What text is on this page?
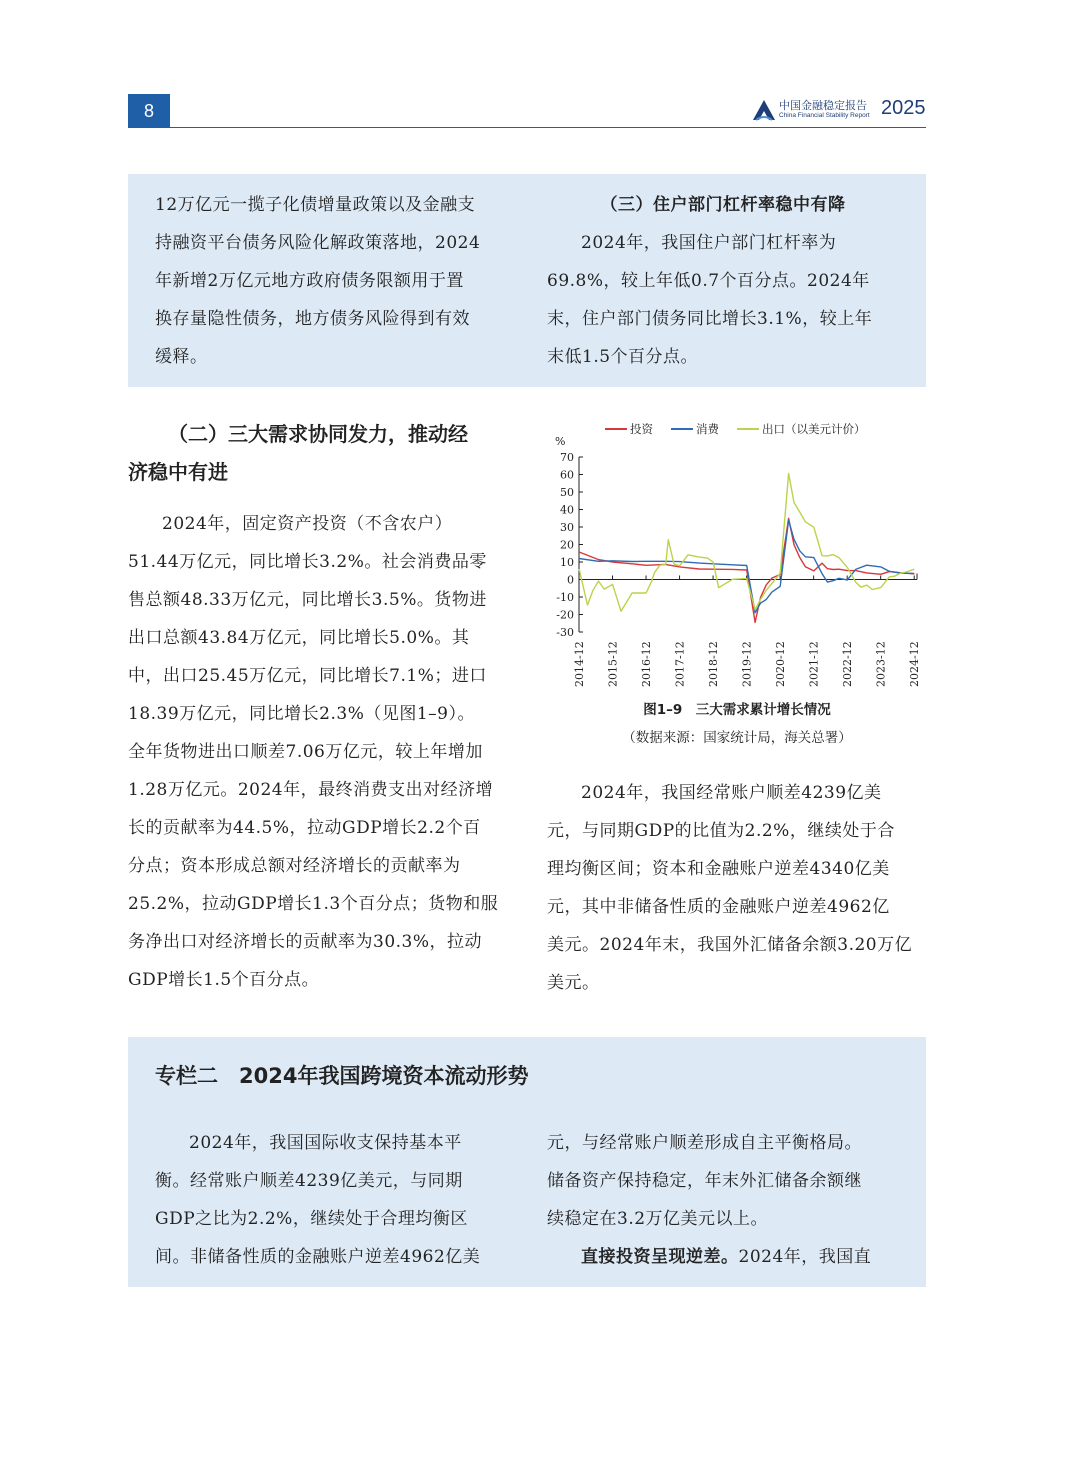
8	中国金融稳定报告
China Financial Stability Report 2025

12万亿元一揽子化债增量政策以及金融支

持融资平台债务风险化解政策落地，2024

年新增2万亿元地方政府债务限额用于置

换存量隐性债务，地方债务风险得到有效

缓释。

（三）住户部门杠杆率稳中有降

2024年，我国住户部门杠杆率为

69.8%，较上年低0.7个百分点。2024年

末，住户部门债务同比增长3.1%，较上年

末低1.5个百分点。

（二）三大需求协同发力，推动经
济稳中有进

2024年，固定资产投资（不含农户）

51.44万亿元，同比增长3.2%。社会消费品零

售总额48.33万亿元，同比增长3.5%。货物进

出口总额43.84万亿元，同比增长5.0%。其

中，出口25.45万亿元，同比增长7.1%；进口

18.39万亿元，同比增长2.3%（见图1–9）。

全年货物进出口顺差7.06万亿元，较上年增加

1.28万亿元。2024年，最终消费支出对经济增

长的贡献率为44.5%，拉动GDP增长2.2个百

分点；资本形成总额对经济增长的贡献率为

25.2%，拉动GDP增长1.3个百分点；货物和服

务净出口对经济增长的贡献率为30.3%，拉动

GDP增长1.5个百分点。

%
70
60
50
40
30
20
10
0
-10
-20
-30
2014-12 2015-12 2016-12 2017-12 2018-12 2019-12 2020-12 2021-12 2022-12 2023-12 2024-12
投资	消费	出口（以美元计价）
图1–9　三大需求累计增长情况
（数据来源：国家统计局，海关总署）

2024年，我国经常账户顺差4239亿美

元，与同期GDP的比值为2.2%，继续处于合

理均衡区间；资本和金融账户逆差4340亿美

元，其中非储备性质的金融账户逆差4962亿

美元。2024年末，我国外汇储备余额3.20万亿

美元。

专栏二　2024年我国跨境资本流动形势

2024年，我国国际收支保持基本平

衡。经常账户顺差4239亿美元，与同期

GDP之比为2.2%，继续处于合理均衡区

间。非储备性质的金融账户逆差4962亿美

元，与经常账户顺差形成自主平衡格局。

储备资产保持稳定，年末外汇储备余额继

续稳定在3.2万亿美元以上。

直接投资呈现逆差。2024年，我国直
